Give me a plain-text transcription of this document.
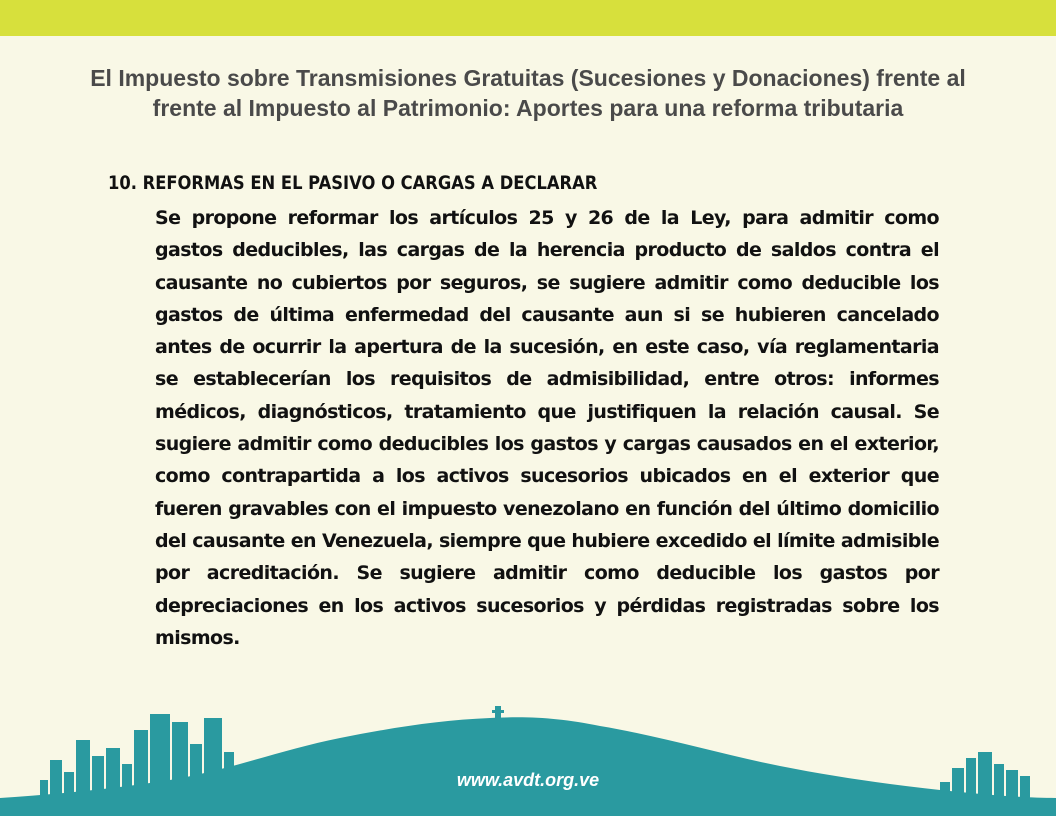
El Impuesto sobre Transmisiones Gratuitas (Sucesiones y Donaciones) frente al frente al Impuesto al Patrimonio: Aportes para una reforma tributaria
10. REFORMAS EN EL PASIVO O CARGAS A DECLARAR
Se propone reformar los artículos 25 y 26 de la Ley, para admitir como gastos deducibles, las cargas de la herencia producto de saldos contra el causante no cubiertos por seguros, se sugiere admitir como deducible los gastos de última enfermedad del causante aun si se hubieren cancelado antes de ocurrir la apertura de la sucesión, en este caso, vía reglamentaria se establecerían los requisitos de admisibilidad, entre otros: informes médicos, diagnósticos, tratamiento que justifiquen la relación causal. Se sugiere admitir como deducibles los gastos y cargas causados en el exterior, como contrapartida a los activos sucesorios ubicados en el exterior que fueren gravables con el impuesto venezolano en función del último domicilio del causante en Venezuela, siempre que hubiere excedido el límite admisible por acreditación. Se sugiere admitir como deducible los gastos por depreciaciones en los activos sucesorios y pérdidas registradas sobre los mismos.
www.avdt.org.ve
